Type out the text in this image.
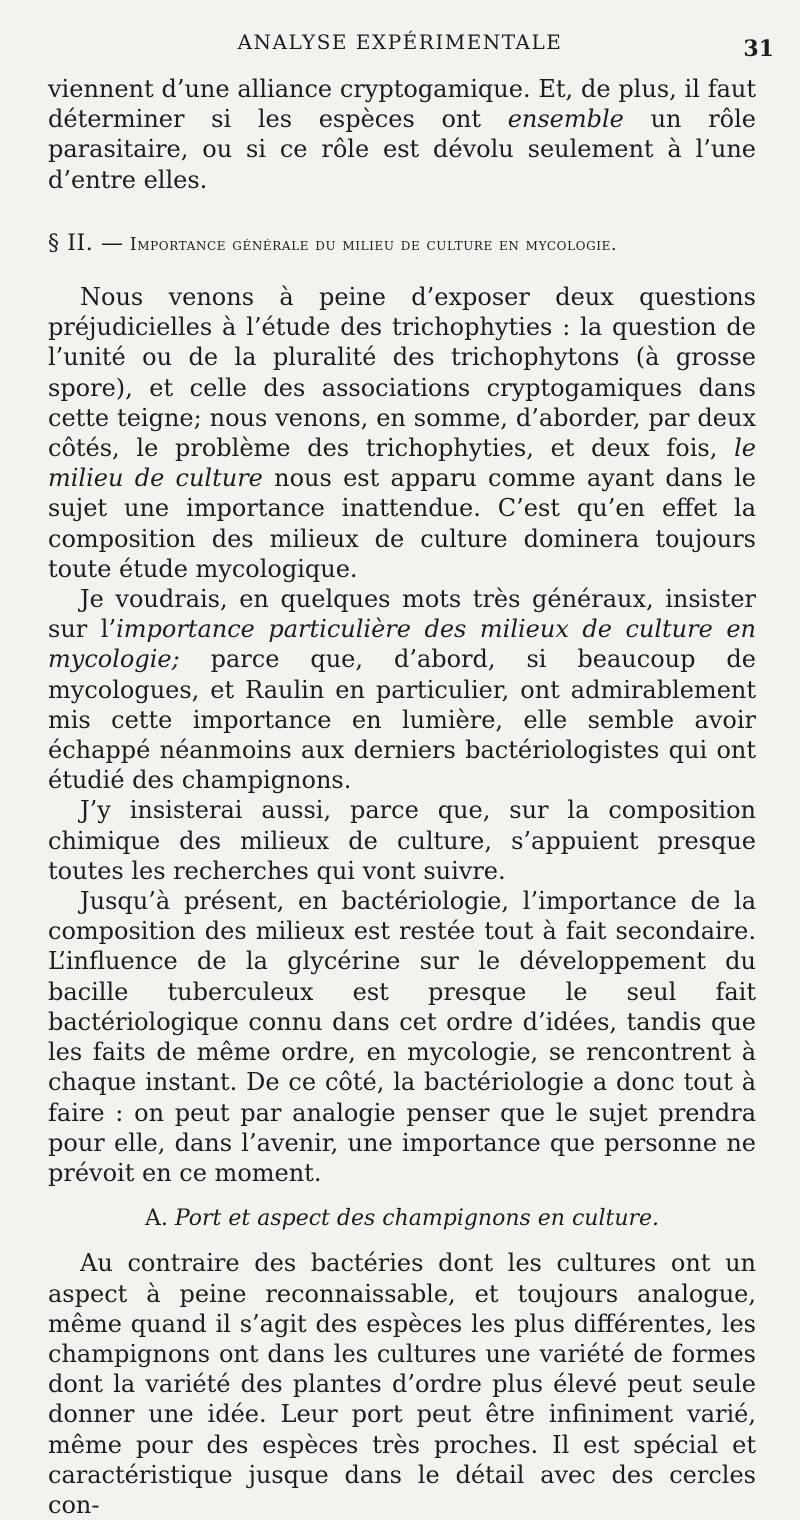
ANALYSE EXPÉRIMENTALE	31

viennent d’une alliance cryptogamique. Et, de plus, il faut déterminer si les espèces ont ensemble un rôle parasitaire, ou si ce rôle est dévolu seulement à l’une d’entre elles.

§ II. — Importance générale du milieu de culture en mycologie.

Nous venons à peine d’exposer deux questions préjudicielles à l’étude des trichophyties : la question de l’unité ou de la pluralité des trichophytons (à grosse spore), et celle des associations cryptogamiques dans cette teigne; nous venons, en somme, d’aborder, par deux côtés, le problème des trichophyties, et deux fois, le milieu de culture nous est apparu comme ayant dans le sujet une importance inattendue. C’est qu’en effet la composition des milieux de culture dominera toujours toute étude mycologique.

Je voudrais, en quelques mots très généraux, insister sur l’importance particulière des milieux de culture en mycologie; parce que, d’abord, si beaucoup de mycologues, et Raulin en particulier, ont admirablement mis cette importance en lumière, elle semble avoir échappé néanmoins aux derniers bactériologistes qui ont étudié des champignons.

J’y insisterai aussi, parce que, sur la composition chimique des milieux de culture, s’appuient presque toutes les recherches qui vont suivre.

Jusqu’à présent, en bactériologie, l’importance de la composition des milieux est restée tout à fait secondaire. L’influence de la glycérine sur le développement du bacille tuberculeux est presque le seul fait bactériologique connu dans cet ordre d’idées, tandis que les faits de même ordre, en mycologie, se rencontrent à chaque instant. De ce côté, la bactériologie a donc tout à faire : on peut par analogie penser que le sujet prendra pour elle, dans l’avenir, une importance que personne ne prévoit en ce moment.

A. Port et aspect des champignons en culture.

Au contraire des bactéries dont les cultures ont un aspect à peine reconnaissable, et toujours analogue, même quand il s’agit des espèces les plus différentes, les champignons ont dans les cultures une variété de formes dont la variété des plantes d’ordre plus élevé peut seule donner une idée. Leur port peut être infiniment varié, même pour des espèces très proches. Il est spécial et caractéristique jusque dans le détail avec des cercles con-
